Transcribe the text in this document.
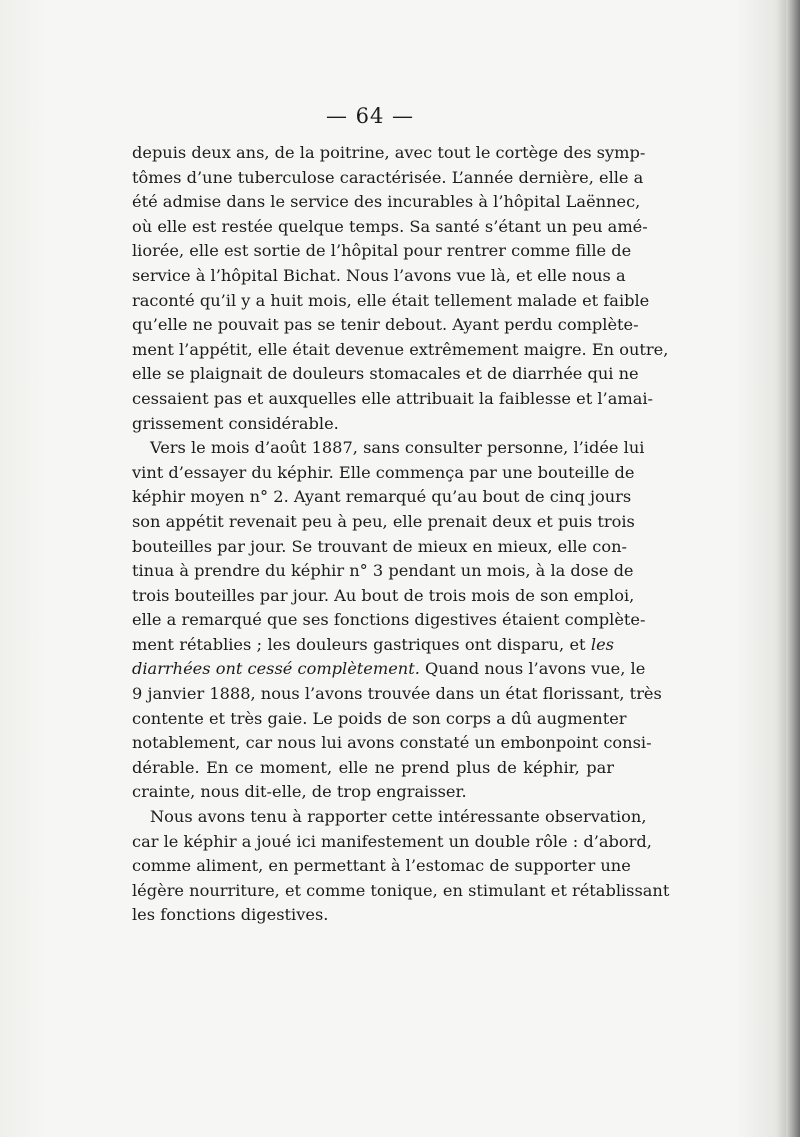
— 64 —
depuis deux ans, de la poitrine, avec tout le cortège des symp-
tômes d’une tuberculose caractérisée. L’année dernière, elle a
été admise dans le service des incurables à l’hôpital Laënnec,
où elle est restée quelque temps. Sa santé s’étant un peu amé-
liorée, elle est sortie de l’hôpital pour rentrer comme fille de
service à l’hôpital Bichat. Nous l’avons vue là, et elle nous a
raconté qu’il y a huit mois, elle était tellement malade et faible
qu’elle ne pouvait pas se tenir debout. Ayant perdu complète-
ment l’appétit, elle était devenue extrêmement maigre. En outre,
elle se plaignait de douleurs stomacales et de diarrhée qui ne
cessaient pas et auxquelles elle attribuait la faiblesse et l’amai-
grissement considérable.
Vers le mois d’août 1887, sans consulter personne, l’idée lui
vint d’essayer du képhir. Elle commença par une bouteille de
képhir moyen n° 2. Ayant remarqué qu’au bout de cinq jours
son appétit revenait peu à peu, elle prenait deux et puis trois
bouteilles par jour. Se trouvant de mieux en mieux, elle con-
tinua à prendre du képhir n° 3 pendant un mois, à la dose de
trois bouteilles par jour. Au bout de trois mois de son emploi,
elle a remarqué que ses fonctions digestives étaient complète-
ment rétablies ; les douleurs gastriques ont disparu, et les
diarrhées ont cessé complètement. Quand nous l’avons vue, le
9 janvier 1888, nous l’avons trouvée dans un état florissant, très
contente et très gaie. Le poids de son corps a dû augmenter
notablement, car nous lui avons constaté un embonpoint consi-
dérable. En ce moment, elle ne prend plus de képhir, par
crainte, nous dit-elle, de trop engraisser.
Nous avons tenu à rapporter cette intéressante observation,
car le képhir a joué ici manifestement un double rôle : d’abord,
comme aliment, en permettant à l’estomac de supporter une
légère nourriture, et comme tonique, en stimulant et rétablissant
les fonctions digestives.
